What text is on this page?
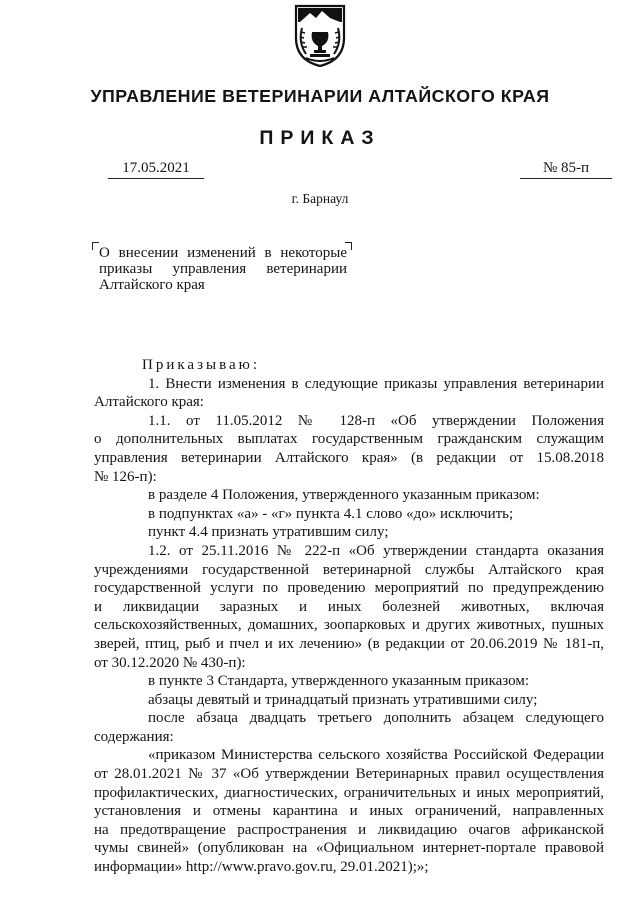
УПРАВЛЕНИЕ ВЕТЕРИНАРИИ АЛТАЙСКОГО КРАЯ
ПРИКАЗ
17.05.2021	№ 85-п
г. Барнаул
О внесении изменений в некоторые
приказы управления ветеринарии
Алтайского края
Приказываю:
1. Внести изменения в следующие приказы управления ветеринарии
Алтайского края:
1.1. от 11.05.2012 № 128-п «Об утверждении Положения
о дополнительных выплатах государственным гражданским служащим
управления ветеринарии Алтайского края» (в редакции от 15.08.2018
№ 126-п):
в разделе 4 Положения, утвержденного указанным приказом:
в подпунктах «а» - «г» пункта 4.1 слово «до» исключить;
пункт 4.4 признать утратившим силу;
1.2. от 25.11.2016 № 222-п «Об утверждении стандарта оказания
учреждениями государственной ветеринарной службы Алтайского края
государственной услуги по проведению мероприятий по предупреждению
и ликвидации заразных и иных болезней животных, включая
сельскохозяйственных, домашних, зоопарковых и других животных, пушных
зверей, птиц, рыб и пчел и их лечению» (в редакции от 20.06.2019 № 181-п,
от 30.12.2020 № 430-п):
в пункте 3 Стандарта, утвержденного указанным приказом:
абзацы девятый и тринадцатый признать утратившими силу;
после абзаца двадцать третьего дополнить абзацем следующего
содержания:
«приказом Министерства сельского хозяйства Российской Федерации
от 28.01.2021 № 37 «Об утверждении Ветеринарных правил осуществления
профилактических, диагностических, ограничительных и иных мероприятий,
установления и отмены карантина и иных ограничений, направленных
на предотвращение распространения и ликвидацию очагов африканской
чумы свиней» (опубликован на «Официальном интернет-портале правовой
информации» http://www.pravo.gov.ru, 29.01.2021);»;
